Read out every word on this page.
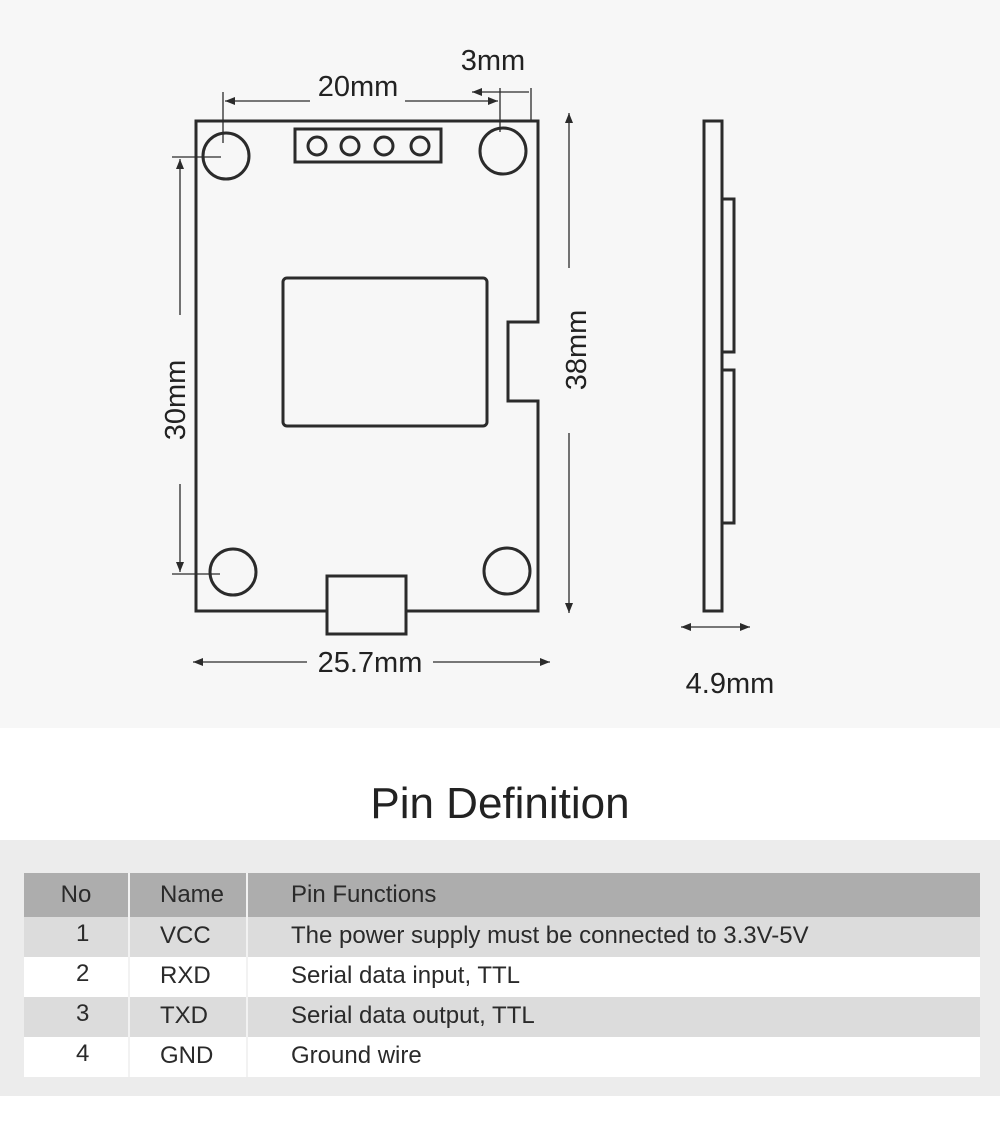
20mm
3mm
30mm
38mm
25.7mm
4.9mm
Pin Definition
No	Name	Pin Functions
1	VCC	The power supply must be connected to 3.3V-5V
2	RXD	Serial data input, TTL
3	TXD	Serial data output, TTL
4	GND	Ground wire
